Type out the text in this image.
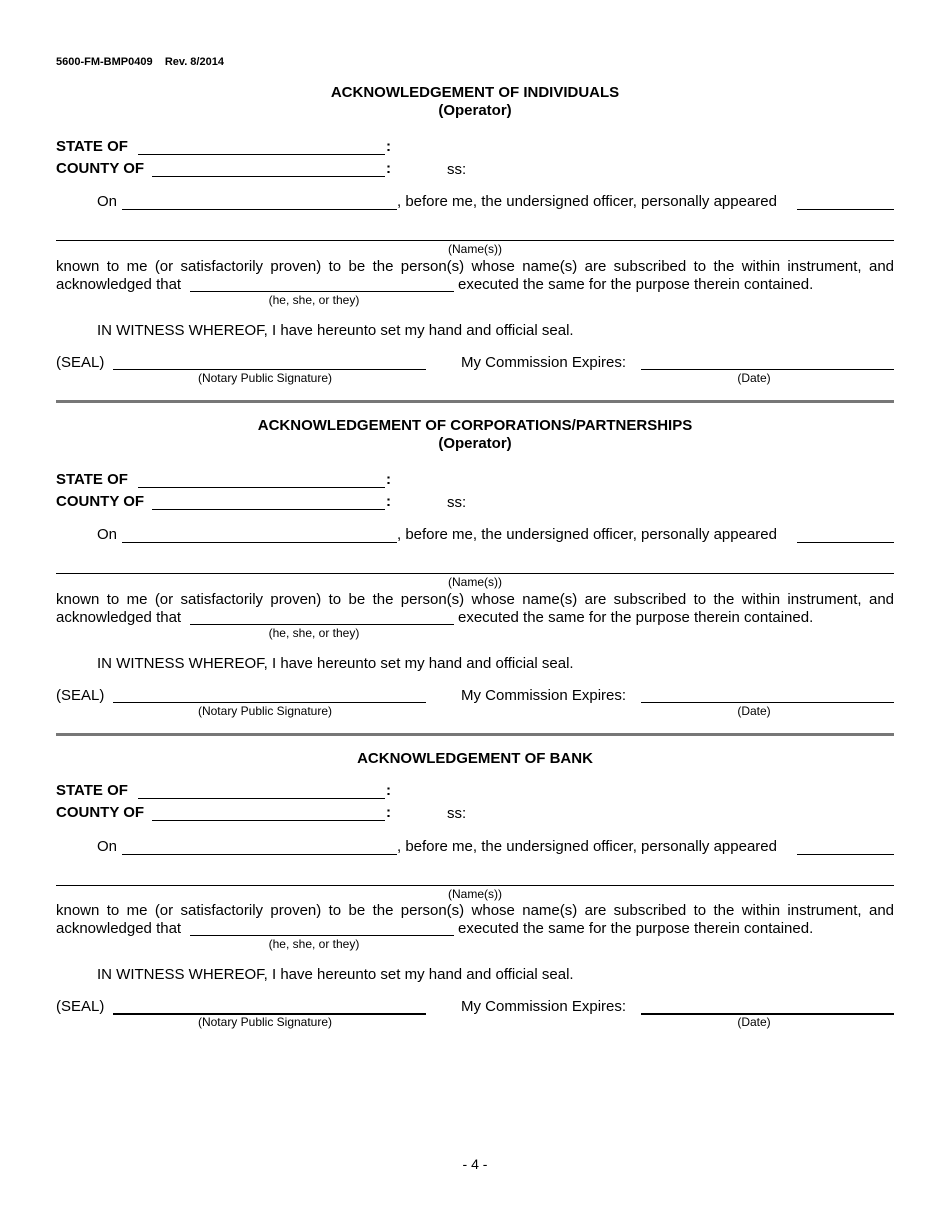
5600-FM-BMP0409 Rev. 8/2014
ACKNOWLEDGEMENT OF INDIVIDUALS
(Operator)
STATE OF	:
COUNTY OF	:	ss:
On	, before me, the undersigned officer, personally appeared
(Name(s))
known to me (or satisfactorily proven) to be the person(s) whose name(s) are subscribed to the within instrument, and
acknowledged that	executed the same for the purpose therein contained.
(he, she, or they)
IN WITNESS WHEREOF, I have hereunto set my hand and official seal.
(SEAL)
(Notary Public Signature)
My Commission Expires:
(Date)
ACKNOWLEDGEMENT OF CORPORATIONS/PARTNERSHIPS
(Operator)
STATE OF	:
COUNTY OF	:	ss:
On	, before me, the undersigned officer, personally appeared
(Name(s))
known to me (or satisfactorily proven) to be the person(s) whose name(s) are subscribed to the within instrument, and
acknowledged that	executed the same for the purpose therein contained.
(he, she, or they)
IN WITNESS WHEREOF, I have hereunto set my hand and official seal.
(SEAL)
(Notary Public Signature)
My Commission Expires:
(Date)
ACKNOWLEDGEMENT OF BANK
STATE OF	:
COUNTY OF	:	ss:
On	, before me, the undersigned officer, personally appeared
(Name(s))
known to me (or satisfactorily proven) to be the person(s) whose name(s) are subscribed to the within instrument, and
acknowledged that	executed the same for the purpose therein contained.
(he, she, or they)
IN WITNESS WHEREOF, I have hereunto set my hand and official seal.
(SEAL)
(Notary Public Signature)
My Commission Expires:
(Date)
- 4 -
